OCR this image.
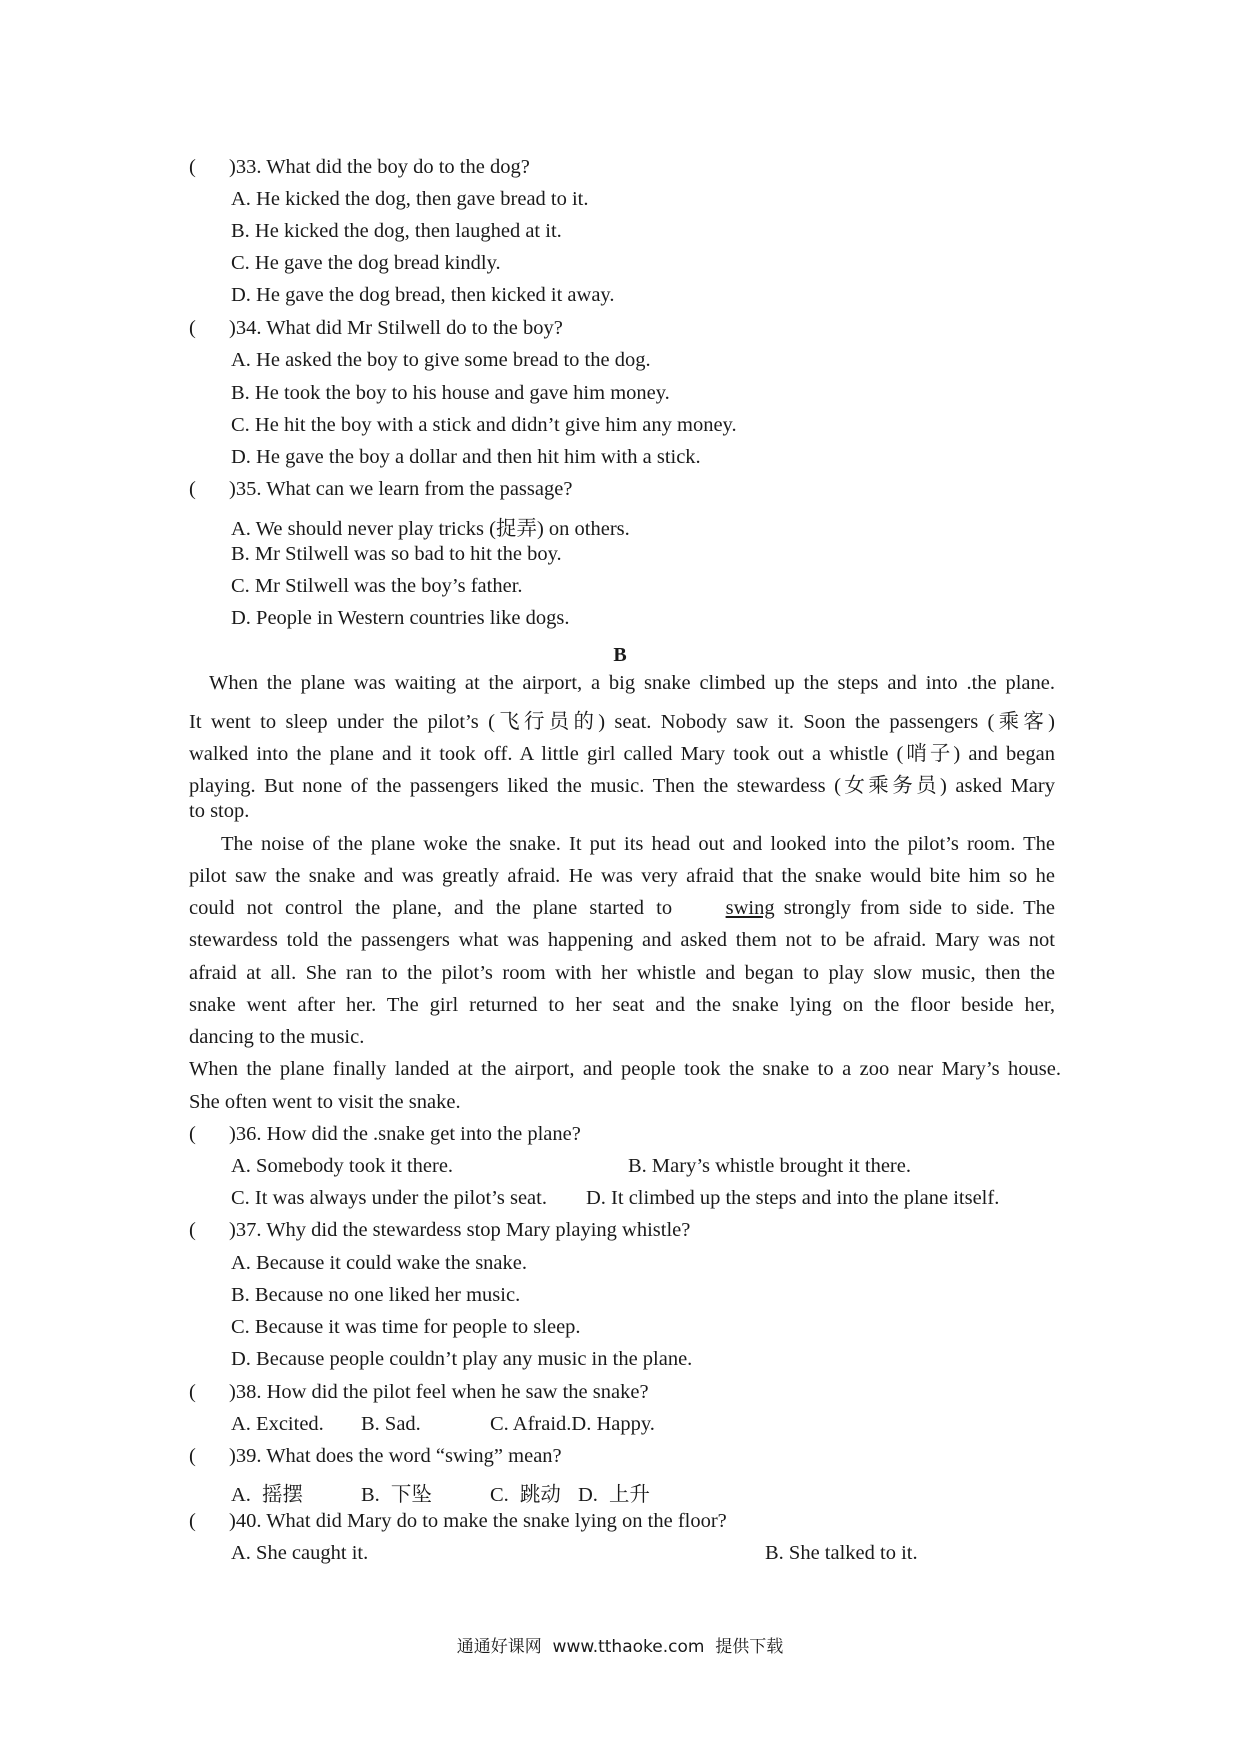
( )33. What did the boy do to the dog?
A. He kicked the dog, then gave bread to it.
B. He kicked the dog, then laughed at it.
C. He gave the dog bread kindly.
D. He gave the dog bread, then kicked it away.
( )34. What did Mr Stilwell do to the boy?
A. He asked the boy to give some bread to the dog.
B. He took the boy to his house and gave him money.
C. He hit the boy with a stick and didn’t give him any money.
D. He gave the boy a dollar and then hit him with a stick.
( )35. What can we learn from the passage?
A. We should never play tricks (捉弄) on others.
B. Mr Stilwell was so bad to hit the boy.
C. Mr Stilwell was the boy’s father.
D. People in Western countries like dogs.
B
When the plane was waiting at the airport, a big snake climbed up the steps and into .the plane.
It went to sleep under the pilot’s (飞行员的) seat. Nobody saw it. Soon the passengers (乘客)
walked into the plane and it took off. A little girl called Mary took out a whistle (哨子) and began
playing. But none of the passengers liked the music. Then the stewardess (女乘务员) asked Mary
to stop.
The noise of the plane woke the snake. It put its head out and looked into the pilot’s room. The
pilot saw the snake and was greatly afraid. He was very afraid that the snake would bite him so he
could not control the plane, and the plane started to	swing strongly from side to side. The
stewardess told the passengers what was happening and asked them not to be afraid. Mary was not
afraid at all. She ran to the pilot’s room with her whistle and began to play slow music, then the
snake went after her. The girl returned to her seat and the snake lying on the floor beside her,
dancing to the music.
When the plane finally landed at the airport, and people took the snake to a zoo near Mary’s house.
She often went to visit the snake.
( )36. How did the .snake get into the plane?
A. Somebody took it there.	B. Mary’s whistle brought it there.
C. It was always under the pilot’s seat. D. It climbed up the steps and into the plane itself.
( )37. Why did the stewardess stop Mary playing whistle?
A. Because it could wake the snake.
B. Because no one liked her music.
C. Because it was time for people to sleep.
D. Because people couldn’t play any music in the plane.
( )38. How did the pilot feel when he saw the snake?
A. Excited. B. Sad.	C. Afraid.D. Happy.
( )39. What does the word “swing” mean?
A. 摇摆	B. 下坠	C. 跳动 D. 上升
( )40. What did Mary do to make the snake lying on the floor?
A. She caught it.	B. She talked to it.
通通好课网  www.tthaoke.com  提供下载
